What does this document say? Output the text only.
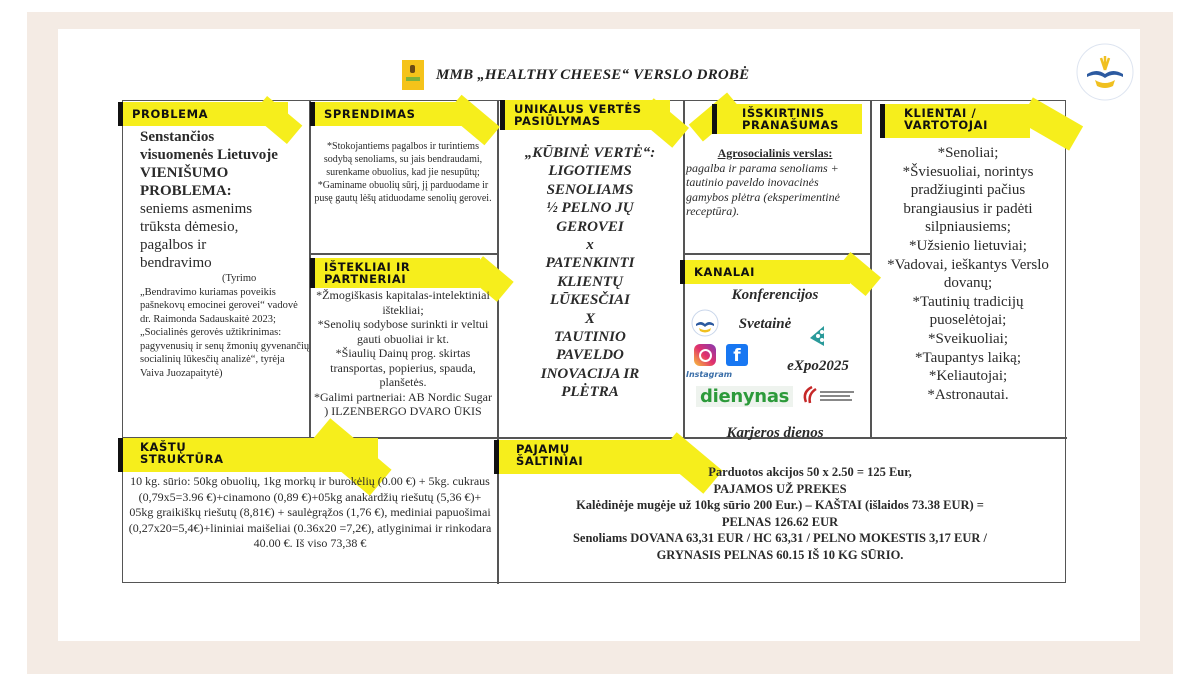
MMB „HEALTHY CHEESE“ VERSLO DROBĖ
PROBLEMA	SPRENDIMAS	UNIKALUS VERTĖS
PASIŪLYMAS
IŠSKIRTINIS
PRANAŠUMAS
KLIENTAI /
VARTOTOJAI
IŠTEKLIAI IR
PARTNERIAI	KANALAI
KAŠTŲ
STRUKTŪRA
PAJAMŲ
ŠALTINIAI
Senstančios
visuomenės Lietuvoje
VIENIŠUMO
PROBLEMA:
seniems asmenims
trūksta dėmesio,
pagalbos ir
bendravimo
(Tyrimo „Bendravimo kuriamas poveikis pašnekovų emocinei gerovei“ vadovė dr. Raimonda Sadauskaitė 2023; „Socialinės gerovės užtikrinimas: pagyvenusių ir senų žmonių gyvenančių socialinių lūkesčių analizė“, tyrėja Vaiva Juozapaitytė)
*Stokojantiems pagalbos ir turintiems sodybą senoliams, su jais bendraudami, surenkame obuolius, kad jie nesupūtų;
*Gaminame obuolių sūrį, jį parduodame ir pusę gautų lėšų atiduodame senolių gerovei.
*Žmogiškasis kapitalas-intelektiniai ištekliai;
*Senolių sodybose surinkti ir veltui gauti obuoliai ir kt.
*Šiaulių Dainų prog. skirtas transportas, popierius, spauda, planšetės.
*Galimi partneriai: AB Nordic Sugar ) ILZENBERGO DVARO ŪKIS
„KŪBINĖ VERTĖ“:
LIGOTIEMS
SENOLIAMS
½ PELNO JŲ
GEROVEI
x
PATENKINTI
KLIENTŲ
LŪKESČIAI
X
TAUTINIO
PAVELDO
INOVACIJA IR
PLĖTRA
Agrosocialinis verslas:
pagalba ir parama senoliams + tautinio paveldo inovacinės gamybos plėtra (eksperimentinė receptūra).
Konferencijos
Svetainė
f
Instagram
eXpo2025
dienynas
Karjeros dienos
*Senoliai;
*Šviesuoliai, norintys pradžiuginti pačius brangiausius ir padėti silpniausiems;
*Užsienio lietuviai;
*Vadovai, ieškantys Verslo dovanų;
*Tautinių tradicijų puoselėtojai;
*Sveikuoliai;
*Taupantys laiką;
*Keliautojai;
*Astronautai.
10 kg. sūrio: 50kg obuolių, 1kg morkų ir burokėlių (0.00 €) + 5kg. cukraus (0,79x5=3.96 €)+cinamono (0,89 €)+05kg anakardžių riešutų (5,36 €)+ 05kg graikiškų riešutų (8,81€) + saulėgrąžos (1,76 €), mediniai papuošimai (0,27x20=5,4€)+lininiai maišeliai (0.36x20 =7,2€), atlyginimai ir rinkodara 40.00 €. Iš viso 73,38 €
Parduotos akcijos 50 x 2.50 = 125 Eur,
PAJAMOS UŽ PREKES
Kalėdinėje mugėje už 10kg sūrio 200 Eur.) – KAŠTAI (išlaidos 73.38 EUR) =
PELNAS 126.62 EUR
Senoliams DOVANA 63,31 EUR / HC 63,31 / PELNO MOKESTIS 3,17 EUR /
GRYNASIS PELNAS 60.15 IŠ 10 KG SŪRIO.
